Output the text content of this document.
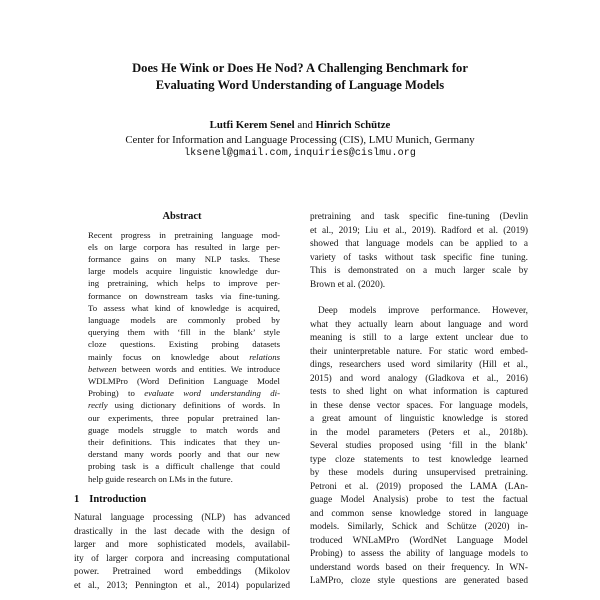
Does He Wink or Does He Nod? A Challenging Benchmark for
Evaluating Word Understanding of Language Models
Lutfi Kerem Senel and Hinrich Schütze
Center for Information and Language Processing (CIS), LMU Munich, Germany
lksenel@gmail.com,inquiries@cislmu.org
Abstract
Recent progress in pretraining language mod-
els on large corpora has resulted in large per-
formance gains on many NLP tasks. These
large models acquire linguistic knowledge dur-
ing pretraining, which helps to improve per-
formance on downstream tasks via fine-tuning.
To assess what kind of knowledge is acquired,
language models are commonly probed by
querying them with ‘fill in the blank’ style
cloze questions. Existing probing datasets
mainly focus on knowledge about relations
between between words and entities. We introduce
WDLMPro (Word Definition Language Model
Probing) to evaluate word understanding di-
rectly using dictionary definitions of words. In
our experiments, three popular pretrained lan-
guage models struggle to match words and
their definitions. This indicates that they un-
derstand many words poorly and that our new
probing task is a difficult challenge that could
help guide research on LMs in the future.
1 Introduction
Natural language processing (NLP) has advanced
drastically in the last decade with the design of
larger and more sophisticated models, availabil-
ity of larger corpora and increasing computational
power. Pretrained word embeddings (Mikolov
et al., 2013; Pennington et al., 2014) popularized
pretraining and task specific fine-tuning (Devlin
et al., 2019; Liu et al., 2019). Radford et al. (2019)
showed that language models can be applied to a
variety of tasks without task specific fine tuning.
This is demonstrated on a much larger scale by
Brown et al. (2020).
Deep models improve performance. However,
what they actually learn about language and word
meaning is still to a large extent unclear due to
their uninterpretable nature. For static word embed-
dings, researchers used word similarity (Hill et al.,
2015) and word analogy (Gladkova et al., 2016)
tests to shed light on what information is captured
in these dense vector spaces. For language models,
a great amount of linguistic knowledge is stored
in the model parameters (Peters et al., 2018b).
Several studies proposed using ‘fill in the blank’
type cloze statements to test knowledge learned
by these models during unsupervised pretraining.
Petroni et al. (2019) proposed the LAMA (LAn-
guage Model Analysis) probe to test the factual
and common sense knowledge stored in language
models. Similarly, Schick and Schütze (2020) in-
troduced WNLaMPro (WordNet Language Model
Probing) to assess the ability of language models to
understand words based on their frequency. In WN-
LaMPro, cloze style questions are generated based
